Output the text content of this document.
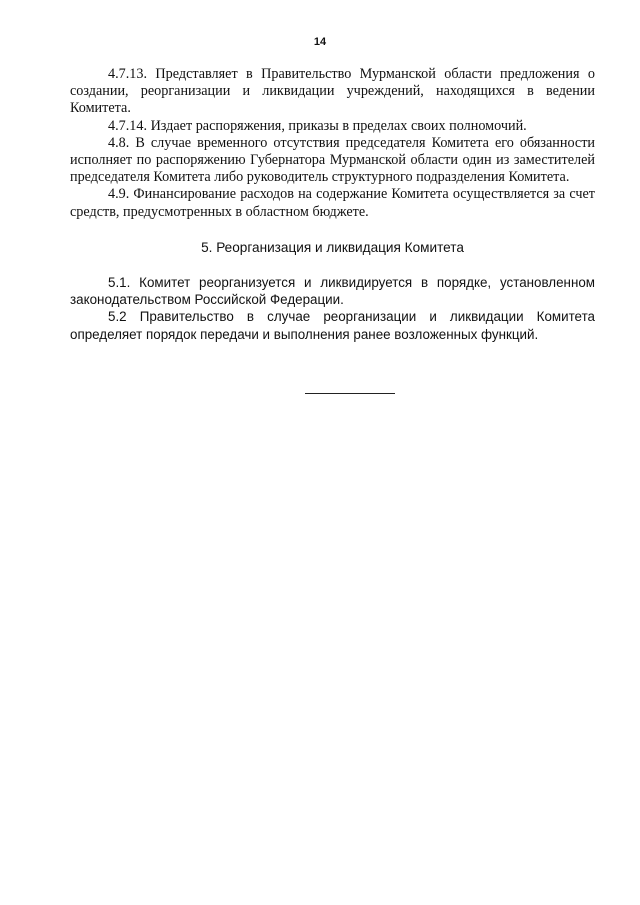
14

4.7.13. Представляет в Правительство Мурманской области предложения о создании, реорганизации и ликвидации учреждений, находящихся в ведении Комитета.

4.7.14. Издает распоряжения, приказы в пределах своих полномочий.

4.8. В случае временного отсутствия председателя Комитета его обязанности исполняет по распоряжению Губернатора Мурманской области один из заместителей председателя Комитета либо руководитель структурного подразделения Комитета.

4.9. Финансирование расходов на содержание Комитета осуществляется за счет средств, предусмотренных в областном бюджете.

5. Реорганизация и ликвидация Комитета

5.1. Комитет реорганизуется и ликвидируется в порядке, установленном законодательством Российской Федерации.

5.2 Правительство в случае реорганизации и ликвидации Комитета определяет порядок передачи и выполнения ранее возложенных функций.
